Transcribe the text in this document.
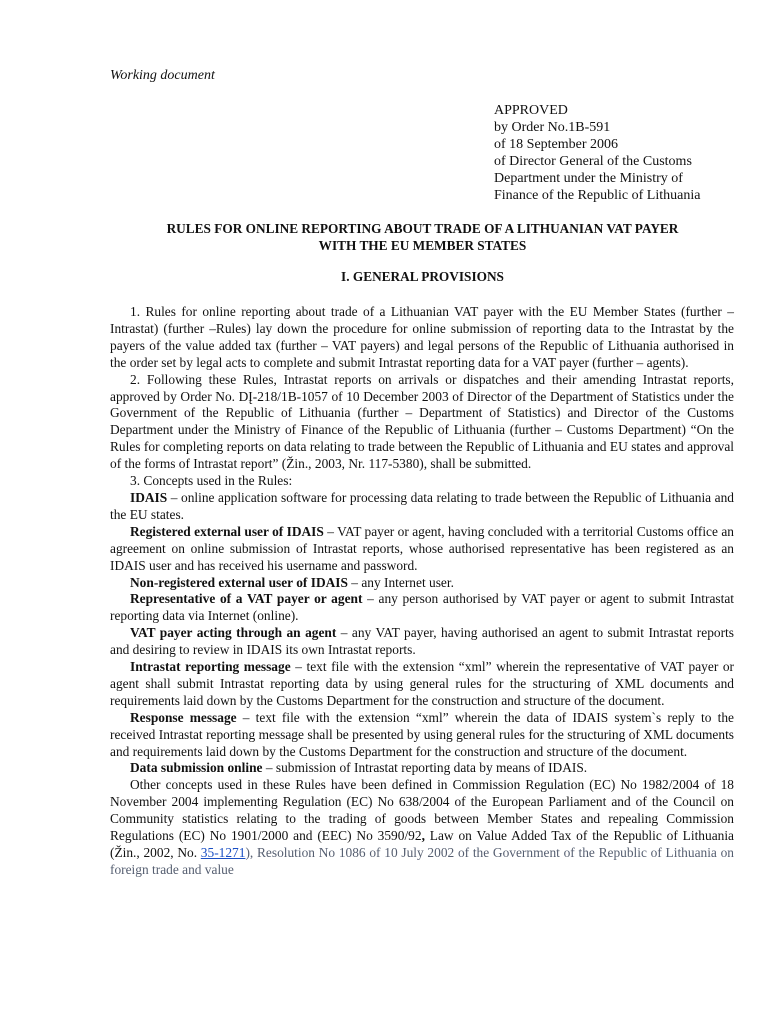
Working document
APPROVED
by Order No.1B-591
of 18 September 2006
of Director General of the Customs
Department under the Ministry of
Finance of the Republic of Lithuania
RULES FOR ONLINE REPORTING ABOUT TRADE OF A LITHUANIAN VAT PAYER
WITH THE EU MEMBER STATES
I. GENERAL PROVISIONS

1. Rules for online reporting about trade of a Lithuanian VAT payer with the EU Member States (further –Intrastat) (further –Rules) lay down the procedure for online submission of reporting data to the Intrastat by the payers of the value added tax (further – VAT payers) and legal persons of the Republic of Lithuania authorised in the order set by legal acts to complete and submit Intrastat reporting data for a VAT payer (further – agents).

2. Following these Rules, Intrastat reports on arrivals or dispatches and their amending Intrastat reports, approved by Order No. DĮ-218/1B-1057 of 10 December 2003 of Director of the Department of Statistics under the Government of the Republic of Lithuania (further – Department of Statistics) and Director of the Customs Department under the Ministry of Finance of the Republic of Lithuania (further – Customs Department) “On the Rules for completing reports on data relating to trade between the Republic of Lithuania and EU states and approval of the forms of Intrastat report” (Žin., 2003, Nr. 117-5380), shall be submitted.

3. Concepts used in the Rules:

IDAIS – online application software for processing data relating to trade between the Republic of Lithuania and the EU states.

Registered external user of IDAIS – VAT payer or agent, having concluded with a territorial Customs office an agreement on online submission of Intrastat reports, whose authorised representative has been registered as an IDAIS user and has received his username and password.

Non-registered external user of IDAIS – any Internet user.

Representative of a VAT payer or agent – any person authorised by VAT payer or agent to submit Intrastat reporting data via Internet (online).

VAT payer acting through an agent – any VAT payer, having authorised an agent to submit Intrastat reports and desiring to review in IDAIS its own Intrastat reports.

Intrastat reporting message – text file with the extension “xml” wherein the representative of VAT payer or agent shall submit Intrastat reporting data by using general rules for the structuring of XML documents and requirements laid down by the Customs Department for the construction and structure of the document.

Response message – text file with the extension “xml” wherein the data of IDAIS system`s reply to the received Intrastat reporting message shall be presented by using general rules for the structuring of XML documents and requirements laid down by the Customs Department for the construction and structure of the document.

Data submission online – submission of Intrastat reporting data by means of IDAIS.

Other concepts used in these Rules have been defined in Commission Regulation (EC) No 1982/2004 of 18 November 2004 implementing Regulation (EC) No 638/2004 of the European Parliament and of the Council on Community statistics relating to the trading of goods between Member States and repealing Commission Regulations (EC) No 1901/2000 and (EEC) No 3590/92, Law on Value Added Tax of the Republic of Lithuania (Žin., 2002, No. 35-1271), Resolution No 1086 of 10 July 2002 of the Government of the Republic of Lithuania on foreign trade and value
